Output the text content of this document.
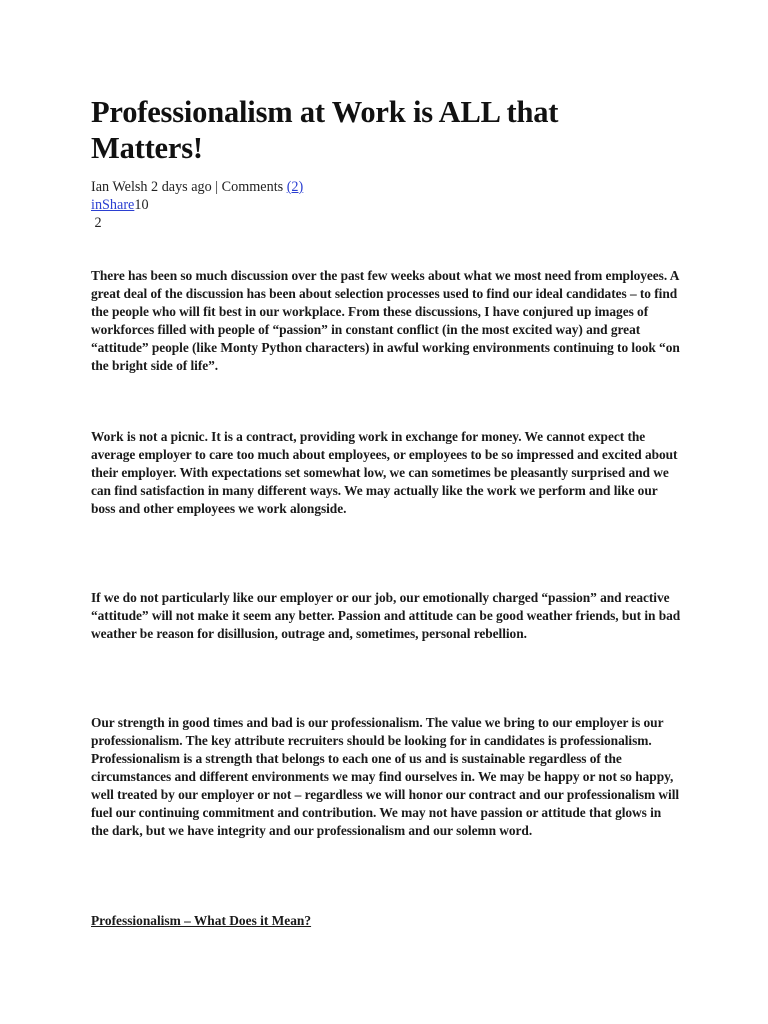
Professionalism at Work is ALL that Matters!
Ian Welsh 2 days ago | Comments (2)
inShare10
2

There has been so much discussion over the past few weeks about what we most need from employees. A great deal of the discussion has been about selection processes used to find our ideal candidates – to find the people who will fit best in our workplace. From these discussions, I have conjured up images of workforces filled with people of “passion” in constant conflict (in the most excited way) and great “attitude” people (like Monty Python characters) in awful working environments continuing to look “on the bright side of life”.

Work is not a picnic. It is a contract, providing work in exchange for money. We cannot expect the average employer to care too much about employees, or employees to be so impressed and excited about their employer. With expectations set somewhat low, we can sometimes be pleasantly surprised and we can find satisfaction in many different ways. We may actually like the work we perform and like our boss and other employees we work alongside.

If we do not particularly like our employer or our job, our emotionally charged “passion” and reactive “attitude” will not make it seem any better. Passion and attitude can be good weather friends, but in bad weather be reason for disillusion, outrage and, sometimes, personal rebellion.

Our strength in good times and bad is our professionalism. The value we bring to our employer is our professionalism. The key attribute recruiters should be looking for in candidates is professionalism. Professionalism is a strength that belongs to each one of us and is sustainable regardless of the circumstances and different environments we may find ourselves in. We may be happy or not so happy, well treated by our employer or not – regardless we will honor our contract and our professionalism will fuel our continuing commitment and contribution. We may not have passion or attitude that glows in the dark, but we have integrity and our professionalism and our solemn word.

Professionalism – What Does it Mean?
